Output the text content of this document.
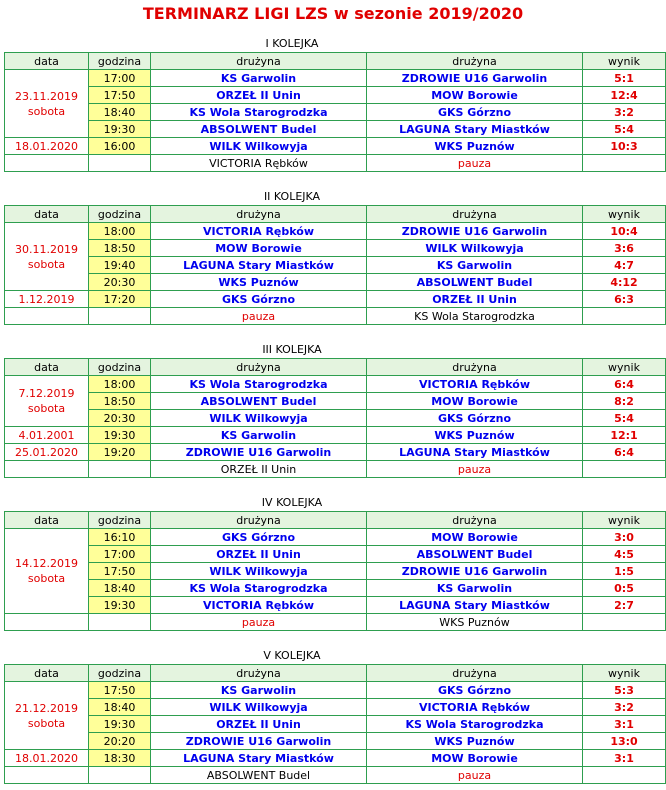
TERMINARZ LIGI LZS w sezonie 2019/2020
I KOLEJKA
data	godzina	drużyna	drużyna	wynik
23.11.2019
sobota	17:00	KS Garwolin	ZDROWIE U16 Garwolin	5:1
	17:50	ORZEŁ II Unin	MOW Borowie	12:4
	18:40	KS Wola Starogrodzka	GKS Górzno	3:2
	19:30	ABSOLWENT Budel	LAGUNA Stary Miastków	5:4
18.01.2020	16:00	WILK Wilkowyja	WKS Puznów	10:3
		VICTORIA Rębków	pauza	
II KOLEJKA
data	godzina	drużyna	drużyna	wynik
30.11.2019
sobota	18:00	VICTORIA Rębków	ZDROWIE U16 Garwolin	10:4
	18:50	MOW Borowie	WILK Wilkowyja	3:6
	19:40	LAGUNA Stary Miastków	KS Garwolin	4:7
	20:30	WKS Puznów	ABSOLWENT Budel	4:12
1.12.2019	17:20	GKS Górzno	ORZEŁ II Unin	6:3
		pauza	KS Wola Starogrodzka	
III KOLEJKA
data	godzina	drużyna	drużyna	wynik
7.12.2019
sobota	18:00	KS Wola Starogrodzka	VICTORIA Rębków	6:4
	18:50	ABSOLWENT Budel	MOW Borowie	8:2
	20:30	WILK Wilkowyja	GKS Górzno	5:4
4.01.2001	19:30	KS Garwolin	WKS Puznów	12:1
25.01.2020	19:20	ZDROWIE U16 Garwolin	LAGUNA Stary Miastków	6:4
		ORZEŁ II Unin	pauza	
IV KOLEJKA
data	godzina	drużyna	drużyna	wynik
14.12.2019
sobota	16:10	GKS Górzno	MOW Borowie	3:0
	17:00	ORZEŁ II Unin	ABSOLWENT Budel	4:5
	17:50	WILK Wilkowyja	ZDROWIE U16 Garwolin	1:5
	18:40	KS Wola Starogrodzka	KS Garwolin	0:5
	19:30	VICTORIA Rębków	LAGUNA Stary Miastków	2:7
		pauza	WKS Puznów	
V KOLEJKA
data	godzina	drużyna	drużyna	wynik
21.12.2019
sobota	17:50	KS Garwolin	GKS Górzno	5:3
	18:40	WILK Wilkowyja	VICTORIA Rębków	3:2
	19:30	ORZEŁ II Unin	KS Wola Starogrodzka	3:1
	20:20	ZDROWIE U16 Garwolin	WKS Puznów	13:0
18.01.2020	18:30	LAGUNA Stary Miastków	MOW Borowie	3:1
		ABSOLWENT Budel	pauza	
